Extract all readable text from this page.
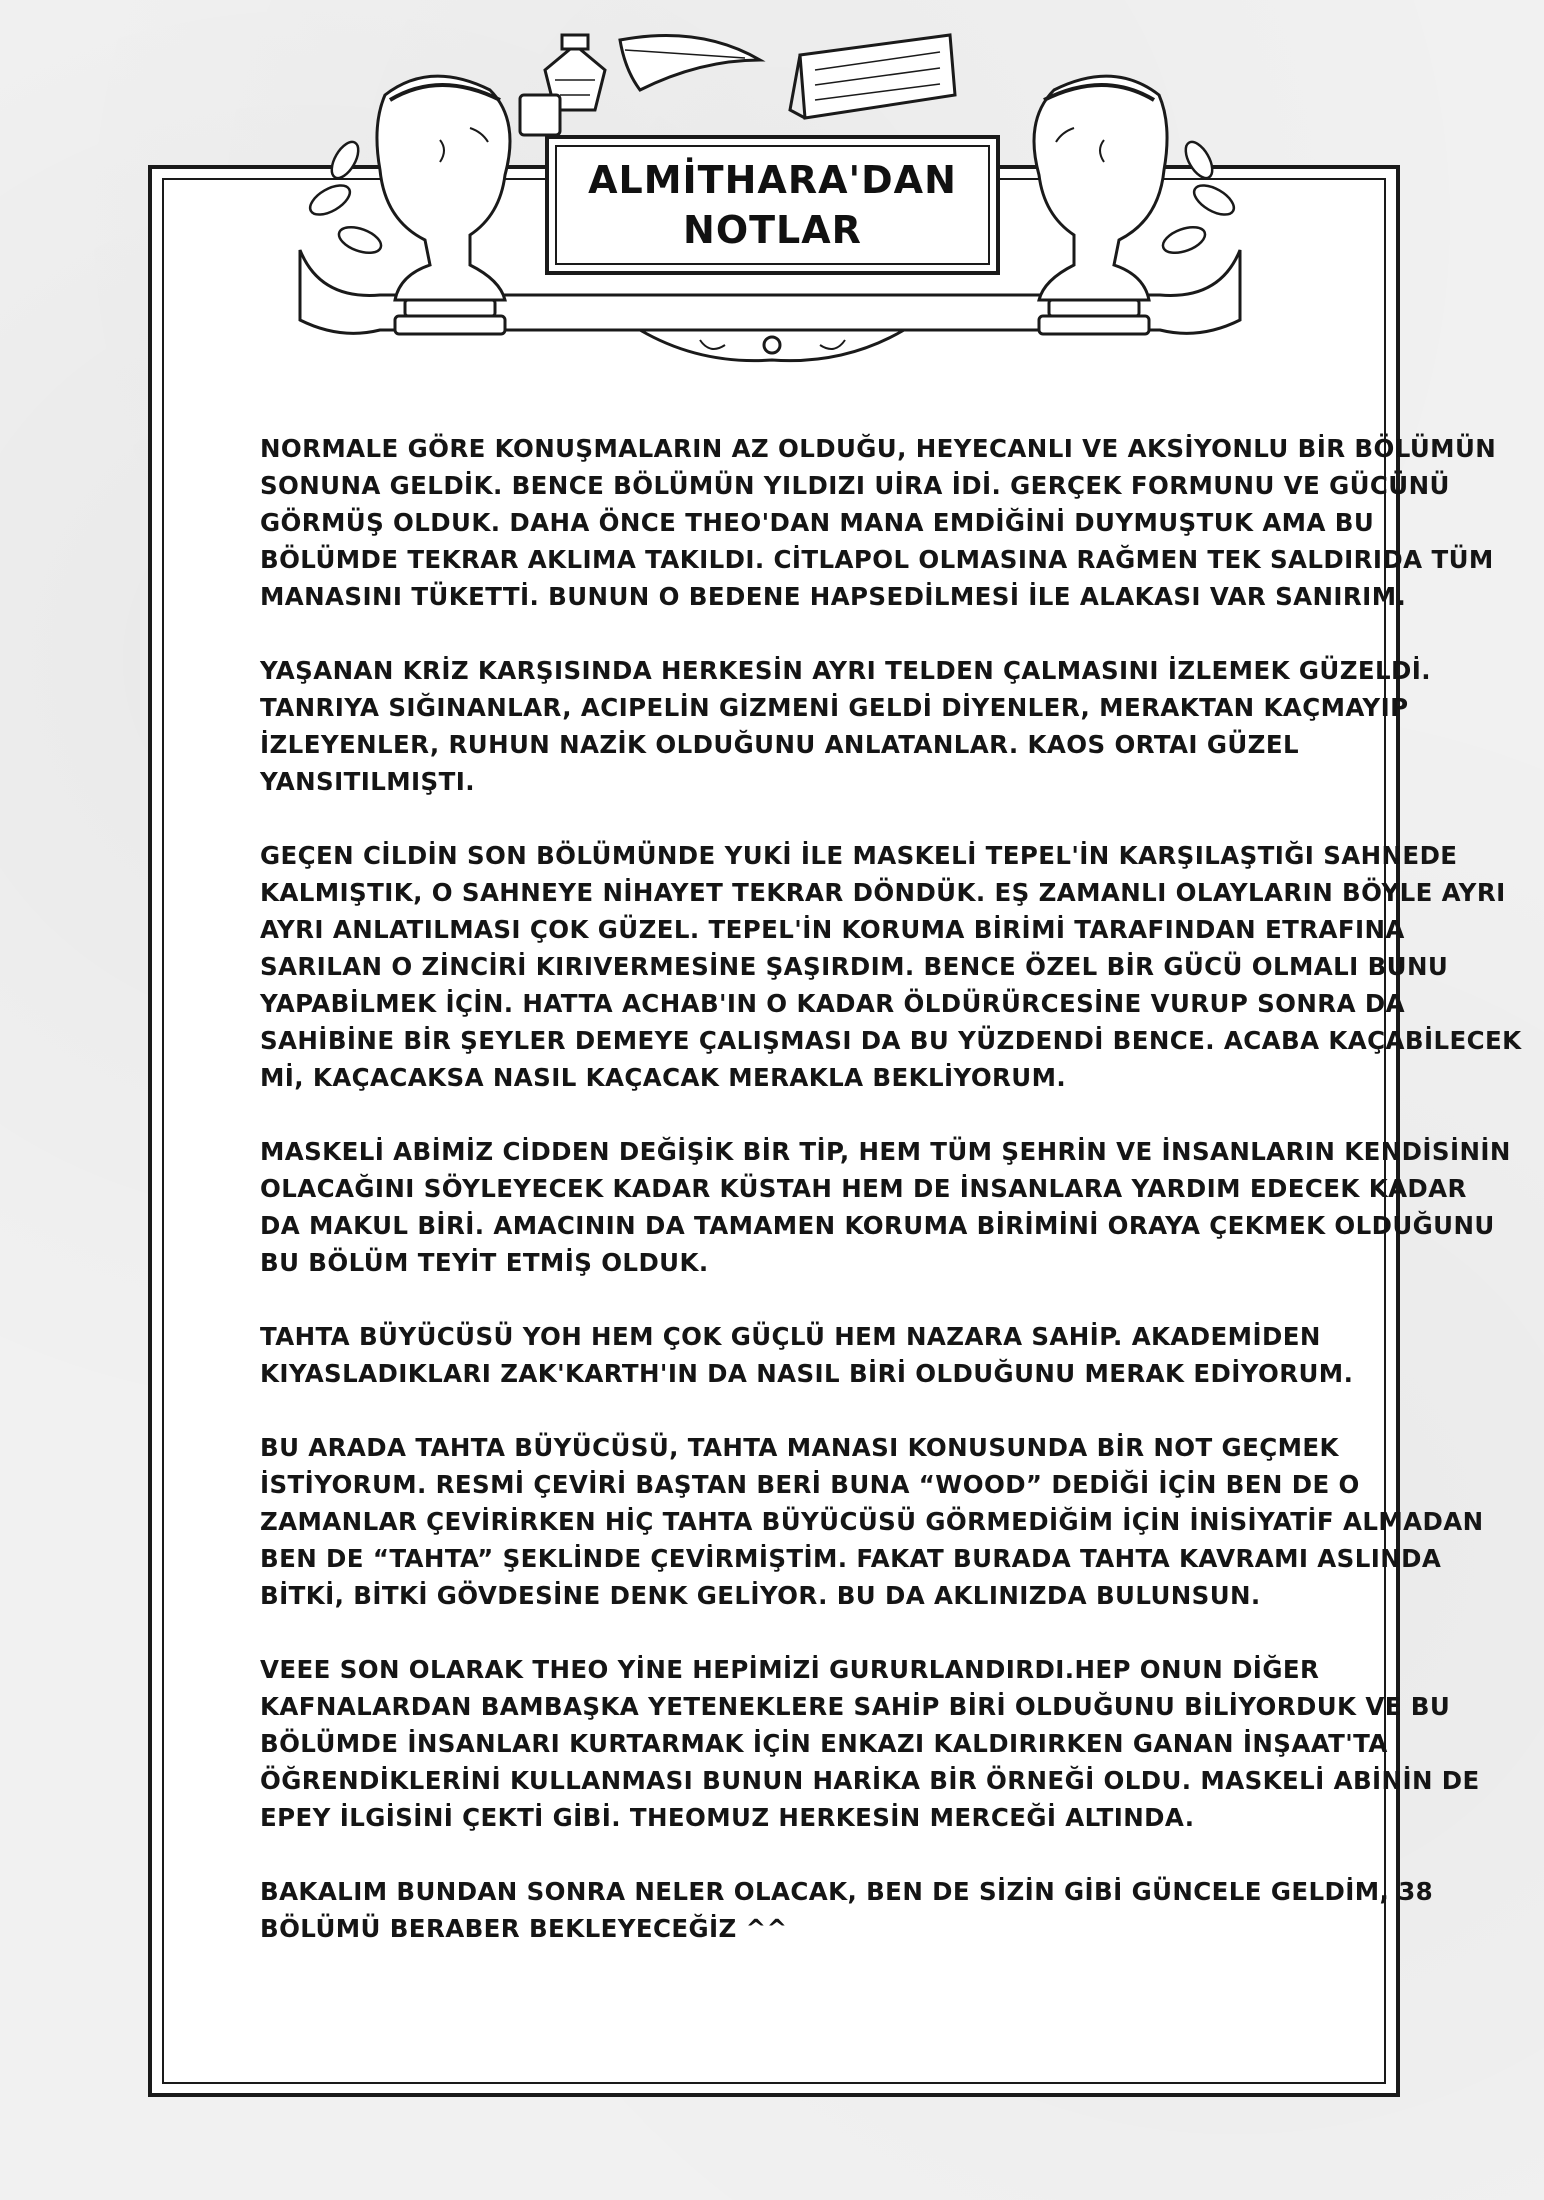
ALMİTHARA'DAN
NOTLAR

NORMALE GÖRE KONUŞMALARIN AZ OLDUĞU, HEYECANLI VE AKSİYONLU BİR BÖLÜMÜN
SONUNA GELDİK. BENCE BÖLÜMÜN YILDIZI UİRA İDİ. GERÇEK FORMUNU VE GÜCÜNÜ
GÖRMÜŞ OLDUK. DAHA ÖNCE THEO'DAN MANA EMDİĞİNİ DUYMUŞTUK AMA BU
BÖLÜMDE TEKRAR AKLIMA TAKILDI. CİTLAPOL OLMASINA RAĞMEN TEK SALDIRIDA TÜM
MANASINI TÜKETTİ. BUNUN O BEDENE HAPSEDİLMESİ İLE ALAKASI VAR SANIRIM.

YAŞANAN KRİZ KARŞISINDA HERKESİN AYRI TELDEN ÇALMASINI İZLEMEK GÜZELDİ.
TANRIYA SIĞINANLAR, ACIPELİN GİZMENİ GELDİ DİYENLER, MERAKTAN KAÇMAYIP
İZLEYENLER, RUHUN NAZİK OLDUĞUNU ANLATANLAR. KAOS ORTAI GÜZEL
YANSITILMIŞTI.

GEÇEN CİLDİN SON BÖLÜMÜNDE YUKİ İLE MASKELİ TEPEL'İN KARŞILAŞTIĞI SAHNEDE
KALMIŞTIK, O SAHNEYE NİHAYET TEKRAR DÖNDÜK. EŞ ZAMANLI OLAYLARIN BÖYLE AYRI
AYRI ANLATILMASI ÇOK GÜZEL. TEPEL'İN KORUMA BİRİMİ TARAFINDAN ETRAFINA
SARILAN O ZİNCİRİ KIRIVERMESİNE ŞAŞIRDIM. BENCE ÖZEL BİR GÜCÜ OLMALI BUNU
YAPABİLMEK İÇİN. HATTA ACHAB'IN O KADAR ÖLDÜRÜRCESİNE VURUP SONRA DA
SAHİBİNE BİR ŞEYLER DEMEYE ÇALIŞMASI DA BU YÜZDENDİ BENCE. ACABA KAÇABİLECEK
Mİ, KAÇACAKSA NASIL KAÇACAK MERAKLA BEKLİYORUM.

MASKELİ ABİMİZ CİDDEN DEĞİŞİK BİR TİP, HEM TÜM ŞEHRİN VE İNSANLARIN KENDİSİNİN
OLACAĞINI SÖYLEYECEK KADAR KÜSTAH HEM DE İNSANLARA YARDIM EDECEK KADAR
DA MAKUL BİRİ. AMACININ DA TAMAMEN KORUMA BİRİMİNİ ORAYA ÇEKMEK OLDUĞUNU
BU BÖLÜM TEYİT ETMİŞ OLDUK.

TAHTA BÜYÜCÜSÜ YOH HEM ÇOK GÜÇLÜ HEM NAZARA SAHİP. AKADEMİDEN
KIYASLADIKLARI ZAK'KARTH'IN DA NASIL BİRİ OLDUĞUNU MERAK EDİYORUM.

BU ARADA TAHTA BÜYÜCÜSÜ, TAHTA MANASI KONUSUNDA BİR NOT GEÇMEK
İSTİYORUM. RESMİ ÇEVİRİ BAŞTAN BERİ BUNA “WOOD” DEDİĞİ İÇİN BEN DE O
ZAMANLAR ÇEVİRİRKEN HİÇ TAHTA BÜYÜCÜSÜ GÖRMEDİĞİM İÇİN İNİSİYATİF ALMADAN
BEN DE “TAHTA” ŞEKLİNDE ÇEVİRMİŞTİM. FAKAT BURADA TAHTA KAVRAMI ASLINDA
BİTKİ, BİTKİ GÖVDESİNE DENK GELİYOR. BU DA AKLINIZDA BULUNSUN.

VEEE SON OLARAK THEO YİNE HEPİMİZİ GURURLANDIRDI.HEP ONUN DİĞER
KAFNALARDAN BAMBAŞKA YETENEKLERE SAHİP BİRİ OLDUĞUNU BİLİYORDUK VE BU
BÖLÜMDE İNSANLARI KURTARMAK İÇİN ENKAZI KALDIRIRKEN GANAN İNŞAAT'TA
ÖĞRENDİKLERİNİ KULLANMASI BUNUN HARİKA BİR ÖRNEĞİ OLDU. MASKELİ ABİNİN DE
EPEY İLGİSİNİ ÇEKTİ GİBİ. THEOMUZ HERKESİN MERCEĞİ ALTINDA.

BAKALIM BUNDAN SONRA NELER OLACAK, BEN DE SİZİN GİBİ GÜNCELE GELDİM, 38
BÖLÜMÜ BERABER BEKLEYECEĞİZ ^^
